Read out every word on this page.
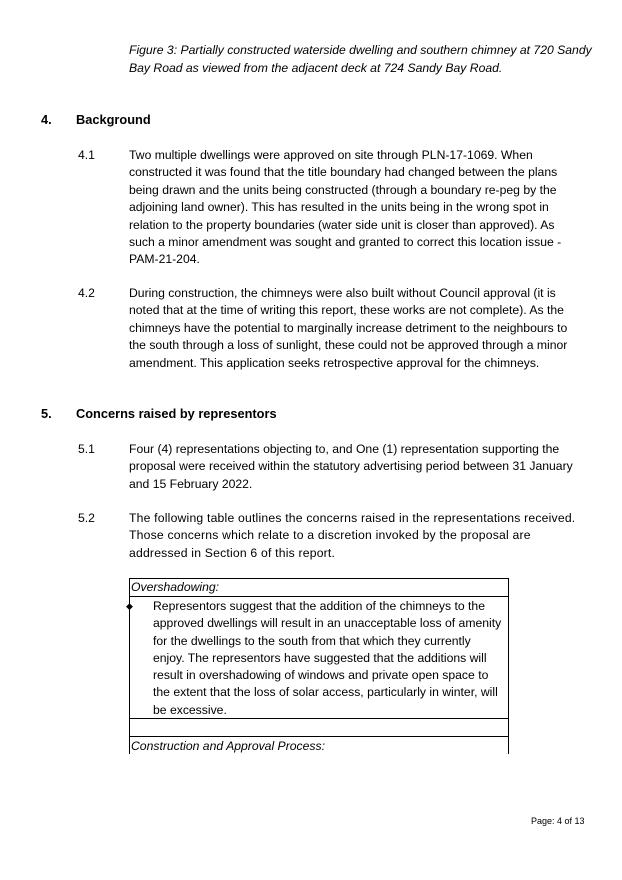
Figure 3: Partially constructed waterside dwelling and southern chimney at 720 Sandy Bay Road as viewed from the adjacent deck at 724 Sandy Bay Road.
4. Background
4.1	Two multiple dwellings were approved on site through PLN-17-1069. When constructed it was found that the title boundary had changed between the plans being drawn and the units being constructed (through a boundary re-peg by the adjoining land owner). This has resulted in the units being in the wrong spot in relation to the property boundaries (water side unit is closer than approved). As such a minor amendment was sought and granted to correct this location issue - PAM-21-204.
4.2	During construction, the chimneys were also built without Council approval (it is noted that at the time of writing this report, these works are not complete). As the chimneys have the potential to marginally increase detriment to the neighbours to the south through a loss of sunlight, these could not be approved through a minor amendment. This application seeks retrospective approval for the chimneys.
5. Concerns raised by representors
5.1	Four (4) representations objecting to, and One (1) representation supporting the proposal were received within the statutory advertising period between 31 January and 15 February 2022.
5.2	The following table outlines the concerns raised in the representations received. Those concerns which relate to a discretion invoked by the proposal are addressed in Section 6 of this report.
Overshadowing:
◆ Representors suggest that the addition of the chimneys to the approved dwellings will result in an unacceptable loss of amenity for the dwellings to the south from that which they currently enjoy. The representors have suggested that the additions will result in overshadowing of windows and private open space to the extent that the loss of solar access, particularly in winter, will be excessive.
Construction and Approval Process:
Page: 4 of 13
